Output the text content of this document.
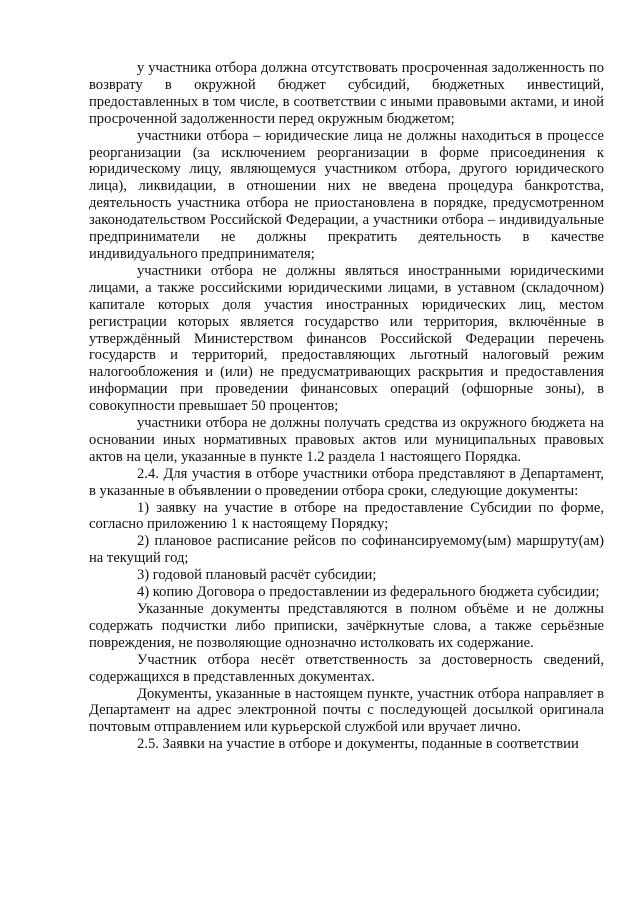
у участника отбора должна отсутствовать просроченная задолженность по возврату в окружной бюджет субсидий, бюджетных инвестиций, предоставленных в том числе, в соответствии с иными правовыми актами, и иной просроченной задолженности перед окружным бюджетом;

участники отбора – юридические лица не должны находиться в процессе реорганизации (за исключением реорганизации в форме присоединения к юридическому лицу, являющемуся участником отбора, другого юридического лица), ликвидации, в отношении них не введена процедура банкротства, деятельность участника отбора не приостановлена в порядке, предусмотренном законодательством Российской Федерации, а участники отбора – индивидуальные предприниматели не должны прекратить деятельность в качестве индивидуального предпринимателя;

участники отбора не должны являться иностранными юридическими лицами, а также российскими юридическими лицами, в уставном (складочном) капитале которых доля участия иностранных юридических лиц, местом регистрации которых является государство или территория, включённые в утверждённый Министерством финансов Российской Федерации перечень государств и территорий, предоставляющих льготный налоговый режим налогообложения и (или) не предусматривающих раскрытия и предоставления информации при проведении финансовых операций (офшорные зоны), в совокупности превышает 50 процентов;

участники отбора не должны получать средства из окружного бюджета на основании иных нормативных правовых актов или муниципальных правовых актов на цели, указанные в пункте 1.2 раздела 1 настоящего Порядка.

2.4. Для участия в отборе участники отбора представляют в Департамент, в указанные в объявлении о проведении отбора сроки, следующие документы:

1) заявку на участие в отборе на предоставление Субсидии по форме, согласно приложению 1 к настоящему Порядку;

2) плановое расписание рейсов по софинансируемому(ым) маршруту(ам) на текущий год;

3) годовой плановый расчёт субсидии;

4) копию Договора о предоставлении из федерального бюджета субсидии;

Указанные документы представляются в полном объёме и не должны содержать подчистки либо приписки, зачёркнутые слова, а также серьёзные повреждения, не позволяющие однозначно истолковать их содержание.

Участник отбора несёт ответственность за достоверность сведений, содержащихся в представленных документах.

Документы, указанные в настоящем пункте, участник отбора направляет в Департамент на адрес электронной почты с последующей досылкой оригинала почтовым отправлением или курьерской службой или вручает лично.

2.5. Заявки на участие в отборе и документы, поданные в соответствии
